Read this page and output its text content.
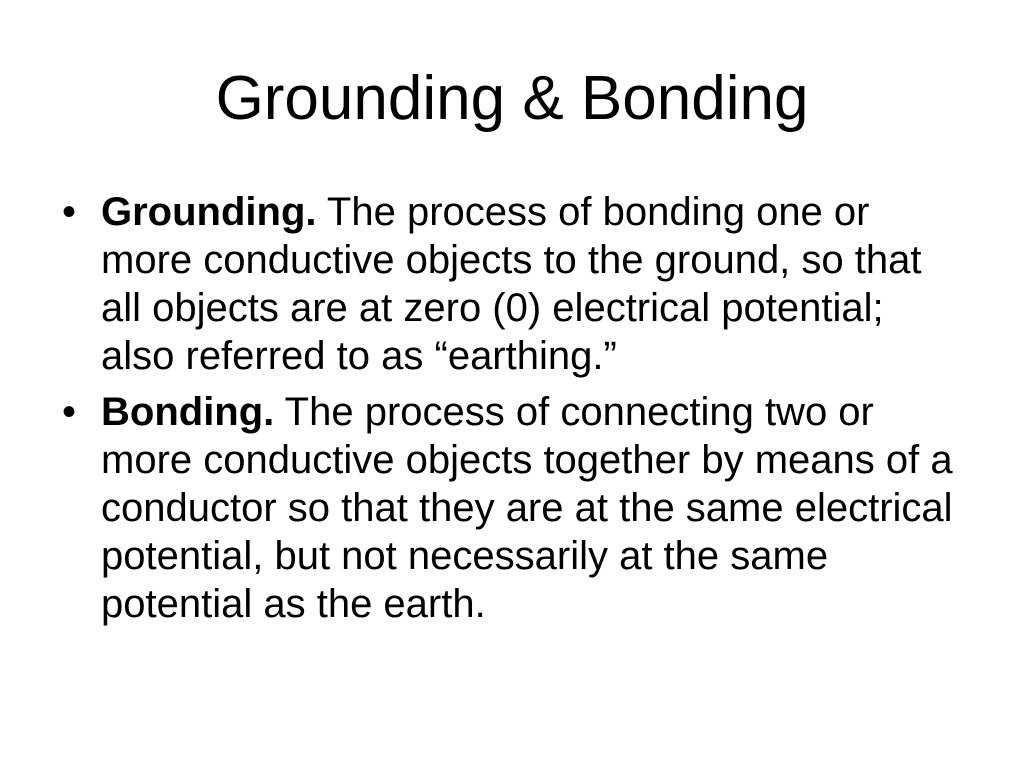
Grounding & Bonding
• Grounding. The process of bonding one or
more conductive objects to the ground, so that
all objects are at zero (0) electrical potential;
also referred to as “earthing.”
• Bonding. The process of connecting two or
more conductive objects together by means of a
conductor so that they are at the same electrical
potential, but not necessarily at the same
potential as the earth.
